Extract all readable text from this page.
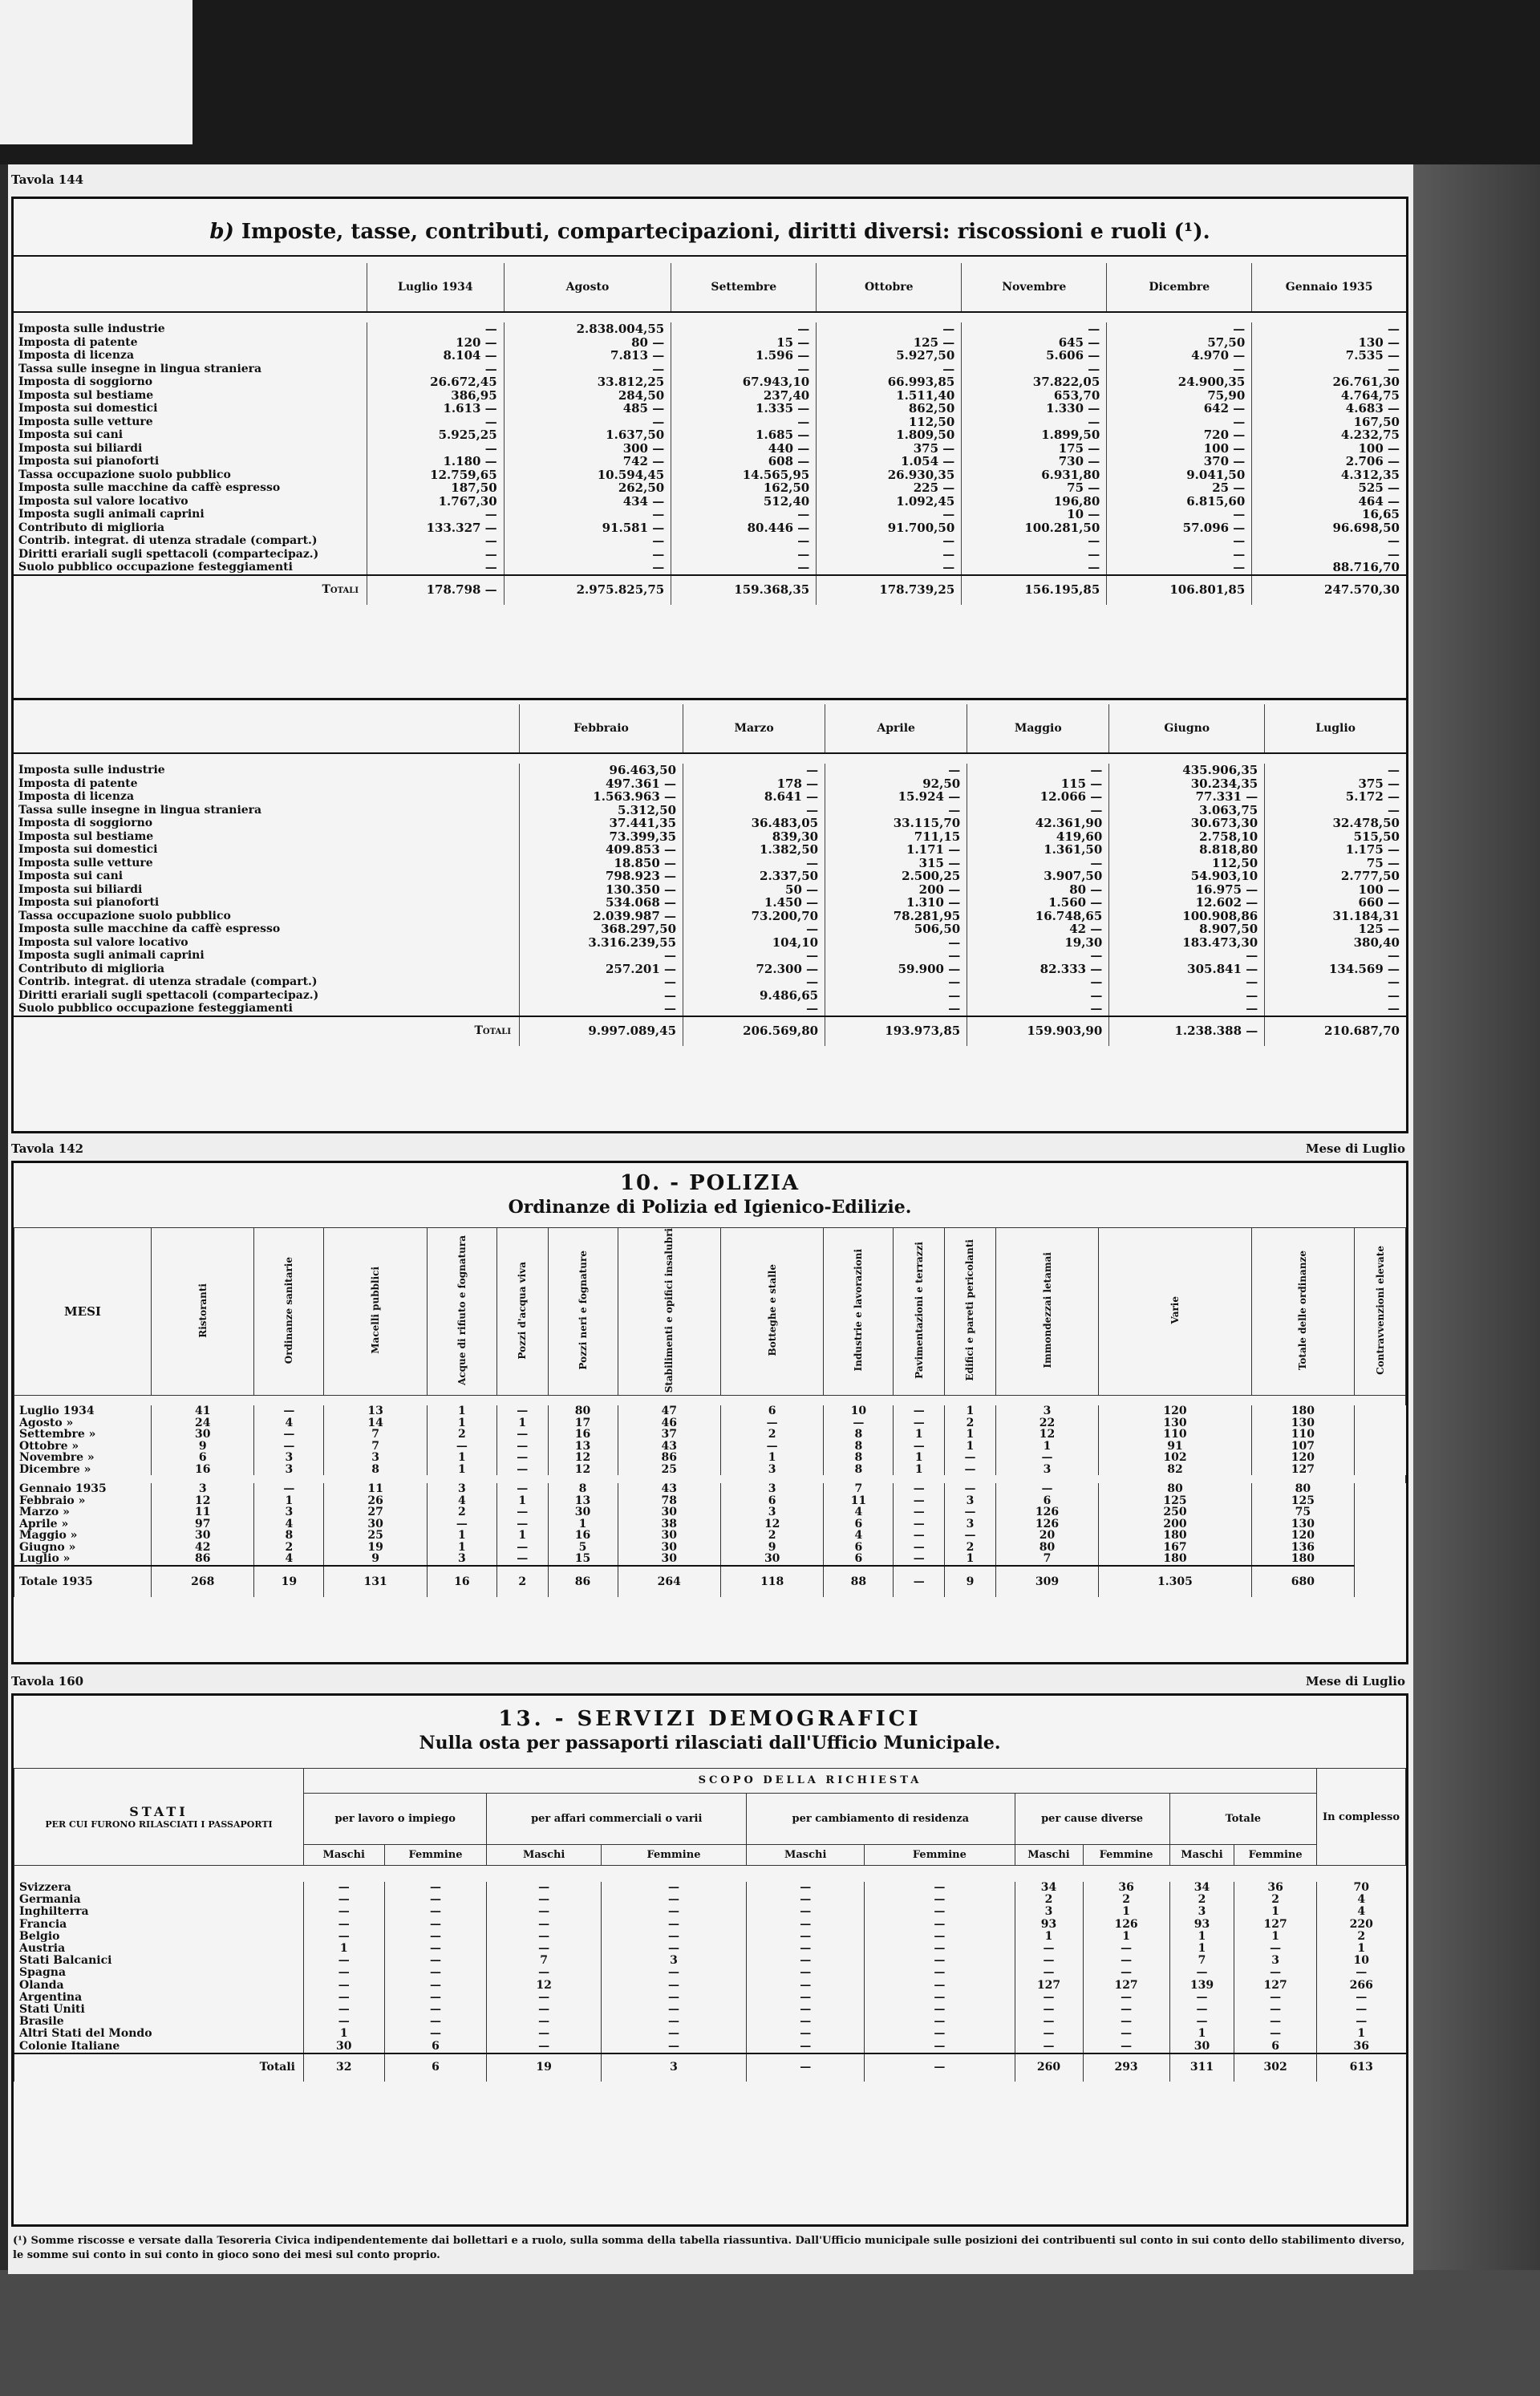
Tavola 144
b) Imposte, tasse, contributi, compartecipazioni, diritti diversi: riscossioni e ruoli (¹).
	Luglio 1934	Agosto	Settembre	Ottobre	Novembre	Dicembre	Gennaio 1935

Imposta sulle industrie	—	2.838.004,55	—	—	—	—	—
Imposta di patente	120 —	80 —	15 —	125 —	645 —	57,50	130 —
Imposta di licenza	8.104 —	7.813 —	1.596 —	5.927,50	5.606 —	4.970 —	7.535 —
Tassa sulle insegne in lingua straniera	—	—	—	—	—	—	—
Imposta di soggiorno	26.672,45	33.812,25	67.943,10	66.993,85	37.822,05	24.900,35	26.761,30
Imposta sul bestiame	386,95	284,50	237,40	1.511,40	653,70	75,90	4.764,75
Imposta sui domestici	1.613 —	485 —	1.335 —	862,50	1.330 —	642 —	4.683 —
Imposta sulle vetture	—	—	—	112,50	—	—	167,50
Imposta sui cani	5.925,25	1.637,50	1.685 —	1.809,50	1.899,50	720 —	4.232,75
Imposta sui biliardi	—	300 —	440 —	375 —	175 —	100 —	100 —
Imposta sui pianoforti	1.180 —	742 —	608 —	1.054 —	730 —	370 —	2.706 —
Tassa occupazione suolo pubblico	12.759,65	10.594,45	14.565,95	26.930,35	6.931,80	9.041,50	4.312,35
Imposta sulle macchine da caffè espresso	187,50	262,50	162,50	225 —	75 —	25 —	525 —
Imposta sul valore locativo	1.767,30	434 —	512,40	1.092,45	196,80	6.815,60	464 —
Imposta sugli animali caprini	—	—	—	—	10 —	—	16,65
Contributo di miglioria	133.327 —	91.581 —	80.446 —	91.700,50	100.281,50	57.096 —	96.698,50
Contrib. integrat. di utenza stradale (compart.)	—	—	—	—	—	—	—
Diritti erariali sugli spettacoli (compartecipaz.)	—	—	—	—	—	—	—
Suolo pubblico occupazione festeggiamenti	—	—	—	—	—	—	88.716,70
Totali	178.798 —	2.975.825,75	159.368,35	178.739,25	156.195,85	106.801,85	247.570,30
	Febbraio	Marzo	Aprile	Maggio	Giugno	Luglio

Imposta sulle industrie	96.463,50	—	—	—	435.906,35	—
Imposta di patente	497.361 —	178 —	92,50	115 —	30.234,35	375 —
Imposta di licenza	1.563.963 —	8.641 —	15.924 —	12.066 —	77.331 —	5.172 —
Tassa sulle insegne in lingua straniera	5.312,50	—	—	—	3.063,75	—
Imposta di soggiorno	37.441,35	36.483,05	33.115,70	42.361,90	30.673,30	32.478,50
Imposta sul bestiame	73.399,35	839,30	711,15	419,60	2.758,10	515,50
Imposta sui domestici	409.853 —	1.382,50	1.171 —	1.361,50	8.818,80	1.175 —
Imposta sulle vetture	18.850 —	—	315 —	—	112,50	75 —
Imposta sui cani	798.923 —	2.337,50	2.500,25	3.907,50	54.903,10	2.777,50
Imposta sui biliardi	130.350 —	50 —	200 —	80 —	16.975 —	100 —
Imposta sui pianoforti	534.068 —	1.450 —	1.310 —	1.560 —	12.602 —	660 —
Tassa occupazione suolo pubblico	2.039.987 —	73.200,70	78.281,95	16.748,65	100.908,86	31.184,31
Imposta sulle macchine da caffè espresso	368.297,50	—	506,50	42 —	8.907,50	125 —
Imposta sul valore locativo	3.316.239,55	104,10	—	19,30	183.473,30	380,40
Imposta sugli animali caprini	—	—	—	—	—	—
Contributo di miglioria	257.201 —	72.300 —	59.900 —	82.333 —	305.841 —	134.569 —
Contrib. integrat. di utenza stradale (compart.)	—	—	—	—	—	—
Diritti erariali sugli spettacoli (compartecipaz.)	—	9.486,65	—	—	—	—
Suolo pubblico occupazione festeggiamenti	—	—	—	—	—	—
Totali	9.997.089,45	206.569,80	193.973,85	159.903,90	1.238.388 —	210.687,70
Tavola 142	Mese di Luglio
10. - POLIZIA
Ordinanze di Polizia ed Igienico-Edilizie.
MESI	Ristoranti	Ordinanze sanitarie	Macelli pubblici	Acque di rifiuto e fognatura	Pozzi d'acqua viva	Pozzi neri e fognature	Stabilimenti e opifici insalubri	Botteghe e stalle	Industrie e lavorazioni	Pavimentazioni e terrazzi	Edifici e pareti pericolanti	Immondezzai letamai	Varie	Totale delle ordinanze	Contravvenzioni elevate

Luglio 1934	41	—	13	1	—	80	47	6	10	—	1	3	120	180	
Agosto »	24	4	14	1	1	17	46	—	—	—	2	22	130	130	
Settembre »	30	—	7	2	—	16	37	2	8	1	1	12	110	110	
Ottobre »	9	—	7	—	—	13	43	—	8	—	1	1	91	107	
Novembre »	6	3	3	1	—	12	86	1	8	1	—	—	102	120	
Dicembre »	16	3	8	1	—	12	25	3	8	1	—	3	82	127	

Gennaio 1935	3	—	11	3	—	8	43	3	7	—	—	—	80	80	
Febbraio »	12	1	26	4	1	13	78	6	11	—	3	6	125	125	
Marzo »	11	3	27	2	—	30	30	3	4	—	—	126	250	75	
Aprile »	97	4	30	—	—	1	38	12	6	—	3	126	200	130	
Maggio »	30	8	25	1	1	16	30	2	4	—	—	20	180	120	
Giugno »	42	2	19	1	—	5	30	9	6	—	2	80	167	136	
Luglio »	86	4	9	3	—	15	30	30	6	—	1	7	180	180	
Totale 1935	268	19	131	16	2	86	264	118	88	—	9	309	1.305	680	
Tavola 160	Mese di Luglio
13. - SERVIZI DEMOGRAFICI
Nulla osta per passaporti rilasciati dall'Ufficio Municipale.
STATI
PER CUI FURONO RILASCIATI I PASSAPORTI	SCOPO DELLA RICHIESTA										In complesso
	per lavoro o impiego		per affari commerciali o varii		per cambiamento di residenza		per cause diverse		Totale		
	Maschi	Femmine	Maschi	Femmine	Maschi	Femmine	Maschi	Femmine	Maschi	Femmine	

Svizzera	—	—	—	—	—	—	34	36	34	36	70
Germania	—	—	—	—	—	—	2	2	2	2	4
Inghilterra	—	—	—	—	—	—	3	1	3	1	4
Francia	—	—	—	—	—	—	93	126	93	127	220
Belgio	—	—	—	—	—	—	1	1	1	1	2
Austria	1	—	—	—	—	—	—	—	1	—	1
Stati Balcanici	—	—	7	3	—	—	—	—	7	3	10
Spagna	—	—	—	—	—	—	—	—	—	—	—
Olanda	—	—	12	—	—	—	127	127	139	127	266
Argentina	—	—	—	—	—	—	—	—	—	—	—
Stati Uniti	—	—	—	—	—	—	—	—	—	—	—
Brasile	—	—	—	—	—	—	—	—	—	—	—
Altri Stati del Mondo	1	—	—	—	—	—	—	—	1	—	1
Colonie Italiane	30	6	—	—	—	—	—	—	30	6	36
Totali	32	6	19	3	—	—	260	293	311	302	613
(¹) Somme riscosse e versate dalla Tesoreria Civica indipendentemente dai bollettari e a ruolo, sulla somma della tabella riassuntiva. Dall'Ufficio municipale sulle posizioni dei contribuenti sul conto in sui conto dello stabilimento diverso, le somme sui conto in sui conto in gioco sono dei mesi sul conto proprio.
